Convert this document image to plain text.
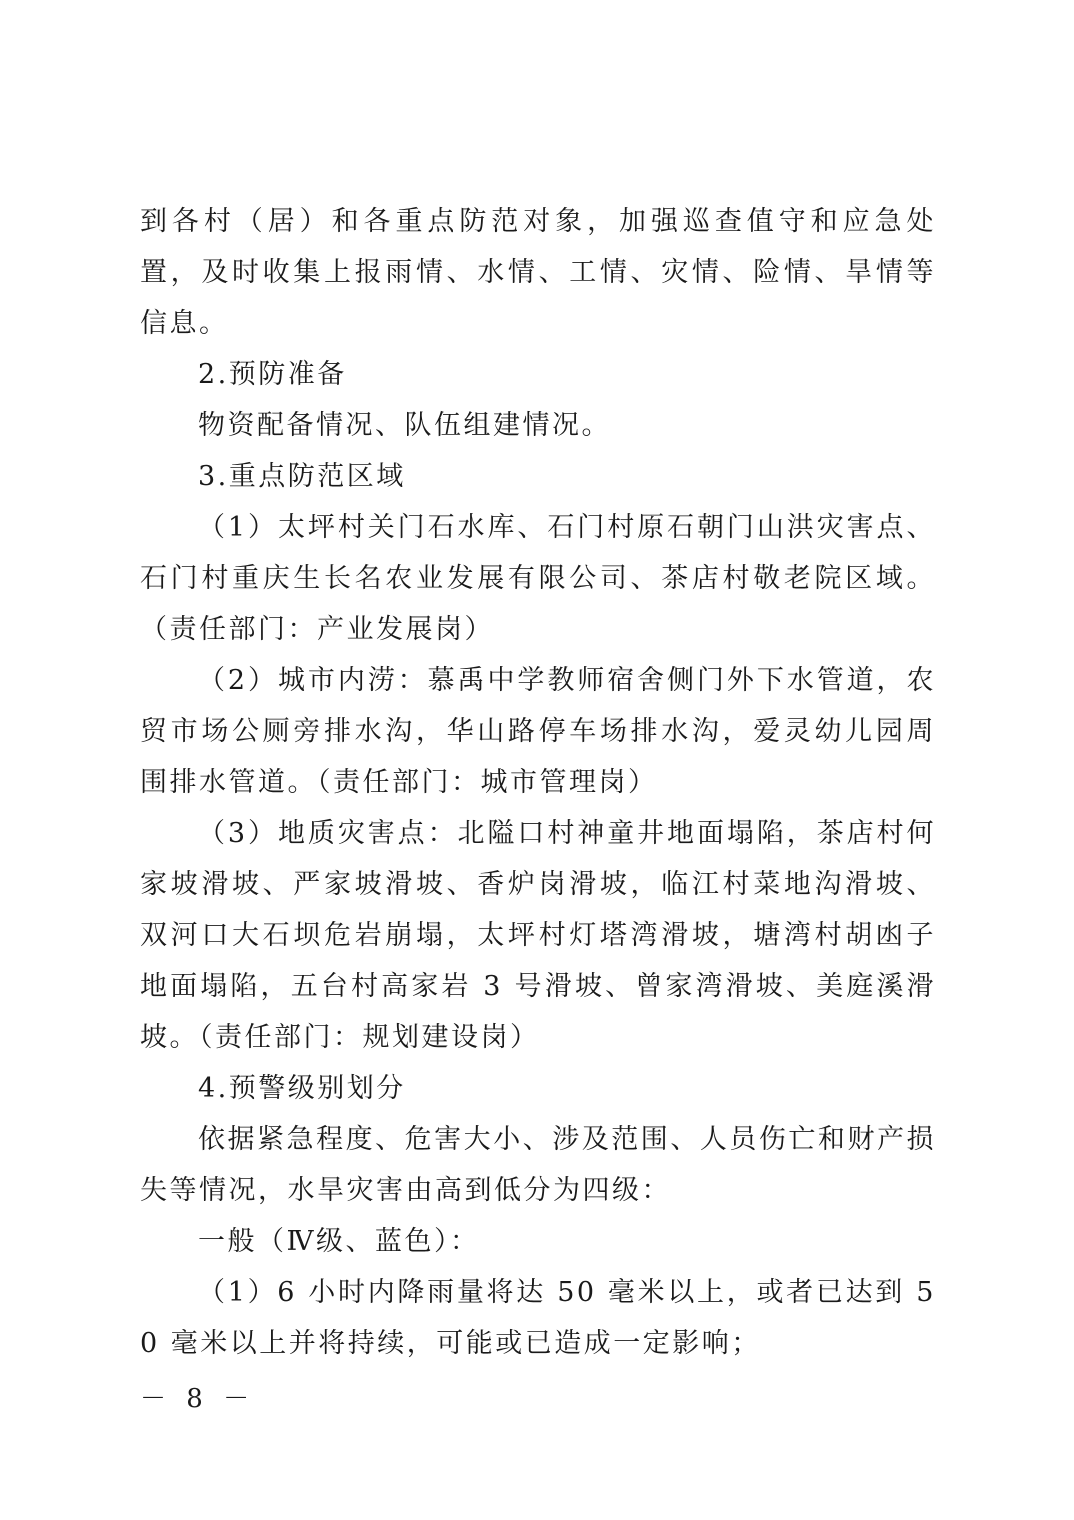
到各村（居）和各重点防范对象，加强巡查值守和应急处置，及时收集上报雨情、水情、工情、灾情、险情、旱情等信息。

2.预防准备

物资配备情况、队伍组建情况。

3.重点防范区域

（1）太坪村关门石水库、石门村原石朝门山洪灾害点、石门村重庆生长名农业发展有限公司、茶店村敬老院区域。（责任部门：产业发展岗）

（2）城市内涝：慕禹中学教师宿舍侧门外下水管道，农贸市场公厕旁排水沟，华山路停车场排水沟，爱灵幼儿园周围排水管道。（责任部门：城市管理岗）

（3）地质灾害点：北隘口村神童井地面塌陷，茶店村何家坡滑坡、严家坡滑坡、香炉岗滑坡，临江村菜地沟滑坡、双河口大石坝危岩崩塌，太坪村灯塔湾滑坡，塘湾村胡凼子地面塌陷，五台村高家岩 3 号滑坡、曾家湾滑坡、美庭溪滑坡。（责任部门：规划建设岗）

4.预警级别划分

依据紧急程度、危害大小、涉及范围、人员伤亡和财产损失等情况，水旱灾害由高到低分为四级：

一般（Ⅳ级、蓝色）：

（1）6 小时内降雨量将达 50 毫米以上，或者已达到 50 毫米以上并将持续，可能或已造成一定影响；

－ 8 －
